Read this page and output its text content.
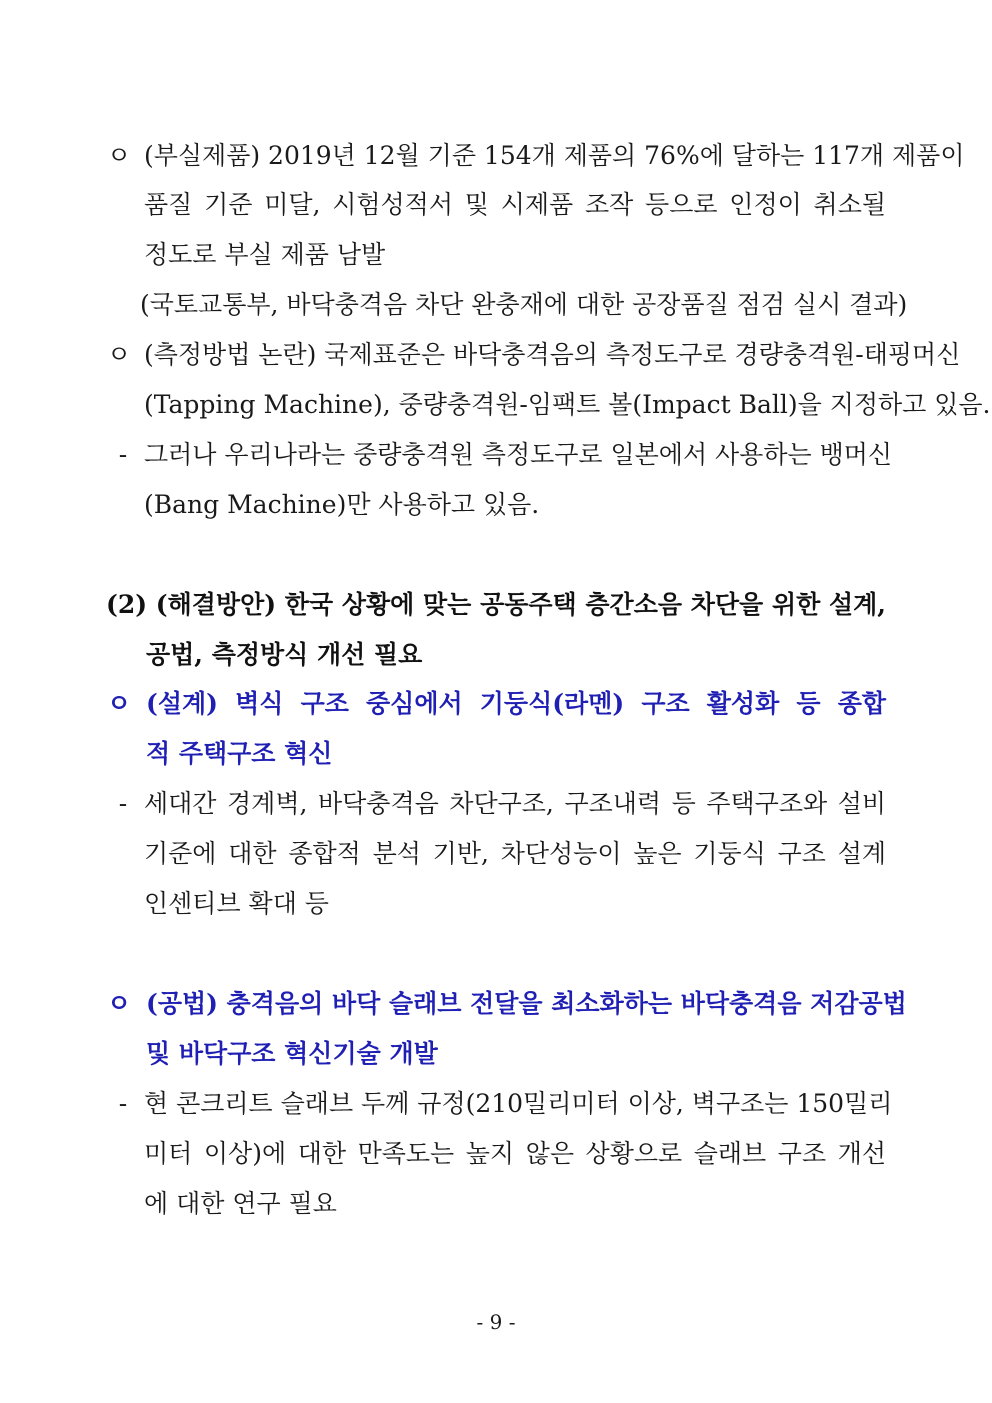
ㅇ (부실제품) 2019년 12월 기준 154개 제품의 76%에 달하는 117개 제품이
품질 기준 미달, 시험성적서 및 시제품 조작 등으로 인정이 취소될
정도로 부실 제품 남발
(국토교통부, 바닥충격음 차단 완충재에 대한 공장품질 점검 실시 결과)
ㅇ (측정방법 논란) 국제표준은 바닥충격음의 측정도구로 경량충격원-태핑머신
(Tapping Machine), 중량충격원-임팩트 볼(Impact Ball)을 지정하고 있음.
- 그러나 우리나라는 중량충격원 측정도구로 일본에서 사용하는 뱅머신
(Bang Machine)만 사용하고 있음.
(2) (해결방안) 한국 상황에 맞는 공동주택 층간소음 차단을 위한 설계,
공법, 측정방식 개선 필요
ㅇ (설계) 벽식 구조 중심에서 기둥식(라멘) 구조 활성화 등 종합
적 주택구조 혁신
- 세대간 경계벽, 바닥충격음 차단구조, 구조내력 등 주택구조와 설비
기준에 대한 종합적 분석 기반, 차단성능이 높은 기둥식 구조 설계
인센티브 확대 등
ㅇ (공법) 충격음의 바닥 슬래브 전달을 최소화하는 바닥충격음 저감공법
및 바닥구조 혁신기술 개발
- 현 콘크리트 슬래브 두께 규정(210밀리미터 이상, 벽구조는 150밀리
미터 이상)에 대한 만족도는 높지 않은 상황으로 슬래브 구조 개선
에 대한 연구 필요
- 9 -
